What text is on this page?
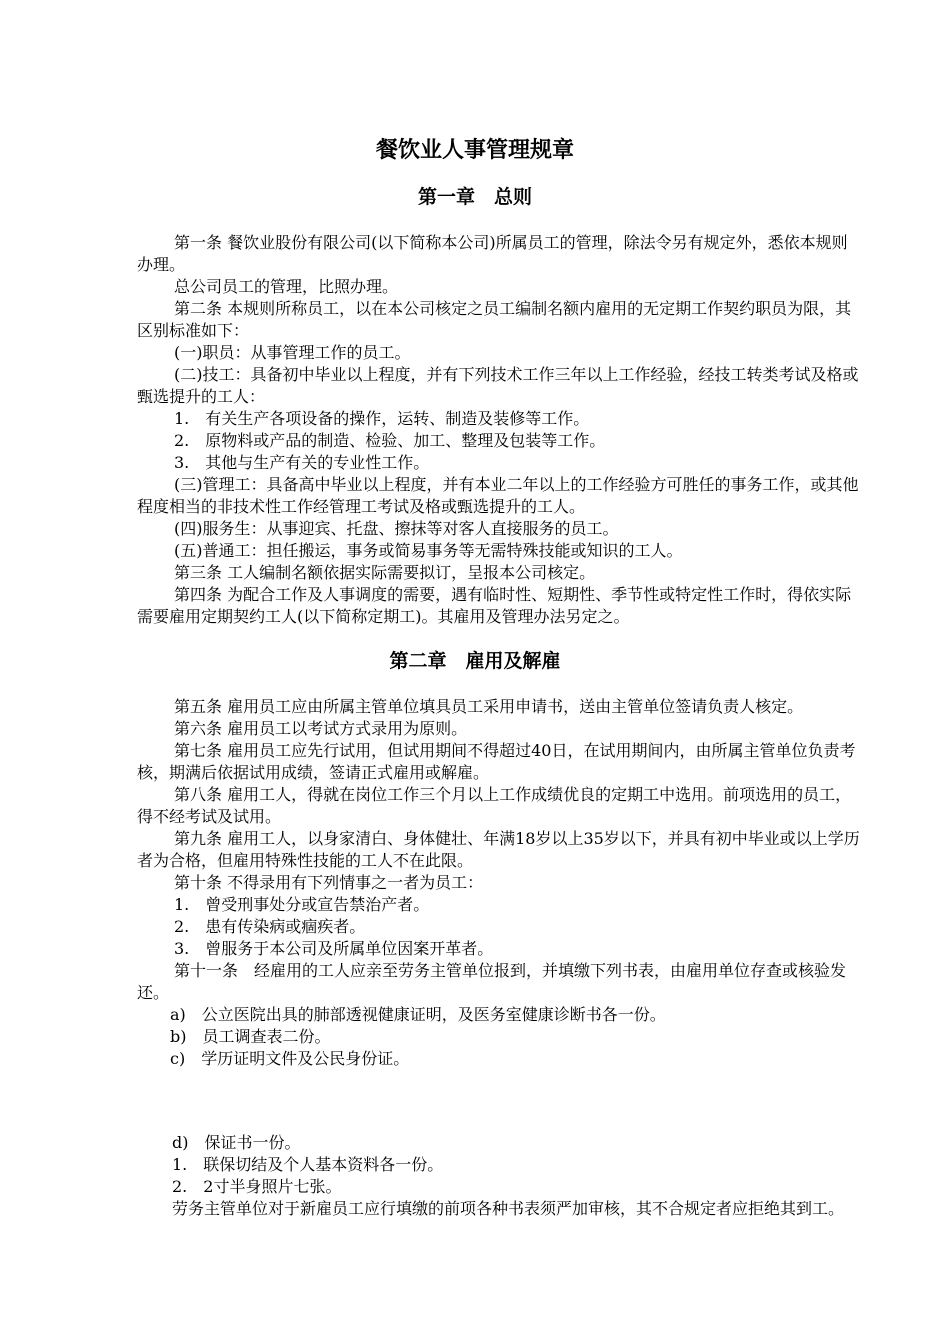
餐饮业人事管理规章
第一章　总则

第一条 餐饮业股份有限公司(以下简称本公司)所属员工的管理，除法令另有规定外，悉依本规则办理。

总公司员工的管理，比照办理。

第二条 本规则所称员工，以在本公司核定之员工编制名额内雇用的无定期工作契约职员为限，其区别标准如下：

(一)职员：从事管理工作的员工。

(二)技工：具备初中毕业以上程度，并有下列技术工作三年以上工作经验，经技工转类考试及格或甄选提升的工人：

1.　有关生产各项设备的操作，运转、制造及装修等工作。

2.　原物料或产品的制造、检验、加工、整理及包装等工作。

3.　其他与生产有关的专业性工作。

(三)管理工：具备高中毕业以上程度，并有本业二年以上的工作经验方可胜任的事务工作，或其他程度相当的非技术性工作经管理工考试及格或甄选提升的工人。

(四)服务生：从事迎宾、托盘、擦抹等对客人直接服务的员工。

(五)普通工：担任搬运，事务或简易事务等无需特殊技能或知识的工人。

第三条 工人编制名额依据实际需要拟订，呈报本公司核定。

第四条 为配合工作及人事调度的需要，遇有临时性、短期性、季节性或特定性工作时，得依实际需要雇用定期契约工人(以下简称定期工)。其雇用及管理办法另定之。

第二章　雇用及解雇

第五条 雇用员工应由所属主管单位填具员工采用申请书，送由主管单位签请负责人核定。

第六条 雇用员工以考试方式录用为原则。

第七条 雇用员工应先行试用，但试用期间不得超过40日，在试用期间内，由所属主管单位负责考核，期满后依据试用成绩，签请正式雇用或解雇。

第八条 雇用工人，得就在岗位工作三个月以上工作成绩优良的定期工中选用。前项选用的员工，得不经考试及试用。

第九条 雇用工人，以身家清白、身体健壮、年满18岁以上35岁以下，并具有初中毕业或以上学历者为合格，但雇用特殊性技能的工人不在此限。

第十条 不得录用有下列情事之一者为员工：

1.　曾受刑事处分或宣告禁治产者。

2.　患有传染病或痼疾者。

3.　曾服务于本公司及所属单位因案开革者。

第十一条　经雇用的工人应亲至劳务主管单位报到，并填缴下列书表，由雇用单位存查或核验发还。

a)　公立医院出具的肺部透视健康证明，及医务室健康诊断书各一份。

b)　员工调查表二份。

c)　学历证明文件及公民身份证。

d)　保证书一份。

1.　联保切结及个人基本资料各一份。

2.　2寸半身照片七张。

劳务主管单位对于新雇员工应行填缴的前项各种书表须严加审核，其不合规定者应拒绝其到工。
